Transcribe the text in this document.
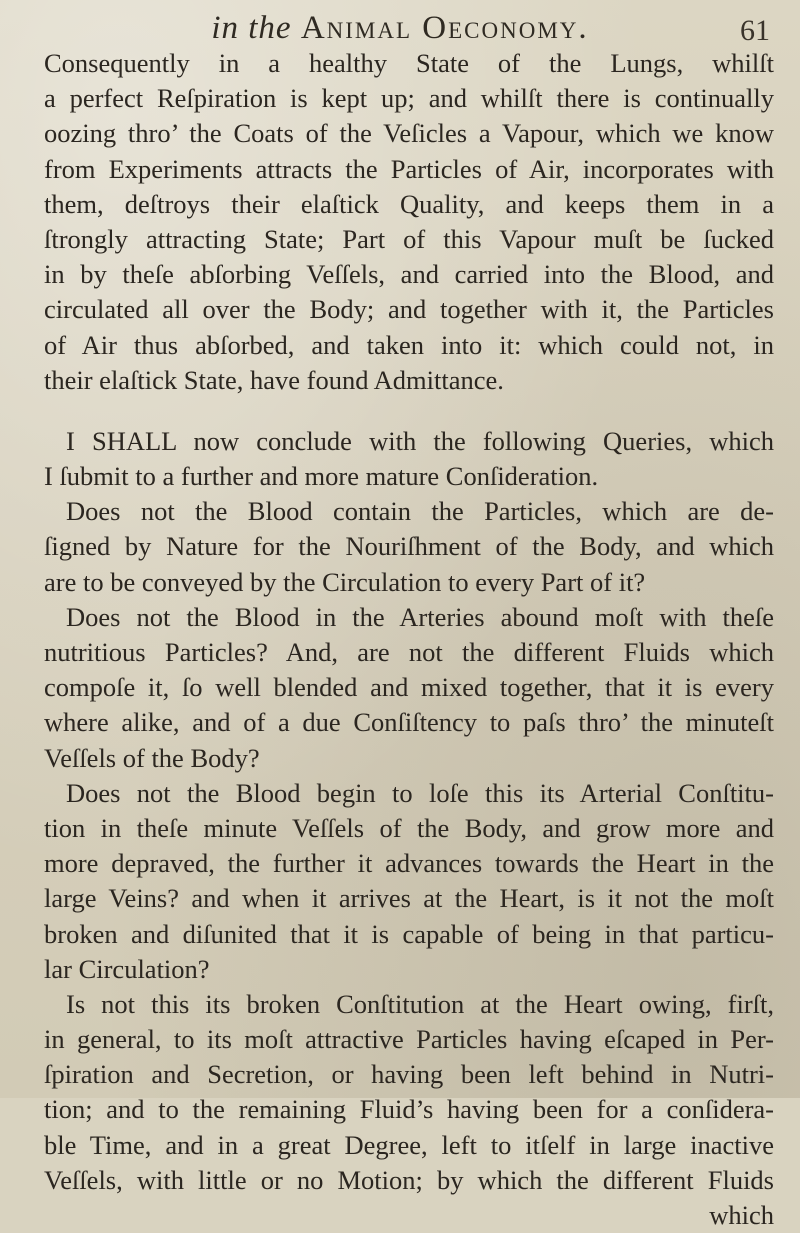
in the Animal Oeconomy.	61
Consequently in a healthy State of the Lungs, whilſt
a perfect Reſpiration is kept up; and whilſt there is continually
oozing thro’ the Coats of the Veſicles a Vapour, which we know
from Experiments attracts the Particles of Air, incorporates with
them, deſtroys their elaſtick Quality, and keeps them in a
ſtrongly attracting State; Part of this Vapour muſt be ſucked
in by theſe abſorbing Veſſels, and carried into the Blood, and
circulated all over the Body; and together with it, the Particles
of Air thus abſorbed, and taken into it: which could not, in
their elaſtick State, have found Admittance.
I SHALL now conclude with the following Queries, which
I ſubmit to a further and more mature Conſideration.
Does not the Blood contain the Particles, which are de-
ſigned by Nature for the Nouriſhment of the Body, and which
are to be conveyed by the Circulation to every Part of it?
Does not the Blood in the Arteries abound moſt with theſe
nutritious Particles? And, are not the different Fluids which
compoſe it, ſo well blended and mixed together, that it is every
where alike, and of a due Conſiſtency to paſs thro’ the minuteſt
Veſſels of the Body?
Does not the Blood begin to loſe this its Arterial Conſtitu-
tion in theſe minute Veſſels of the Body, and grow more and
more depraved, the further it advances towards the Heart in the
large Veins? and when it arrives at the Heart, is it not the moſt
broken and diſunited that it is capable of being in that particu-
lar Circulation?
Is not this its broken Conſtitution at the Heart owing, firſt,
in general, to its moſt attractive Particles having eſcaped in Per-
ſpiration and Secretion, or having been left behind in Nutri-
tion; and to the remaining Fluid’s having been for a conſidera-
ble Time, and in a great Degree, left to itſelf in large inactive
Veſſels, with little or no Motion; by which the different Fluids
which
